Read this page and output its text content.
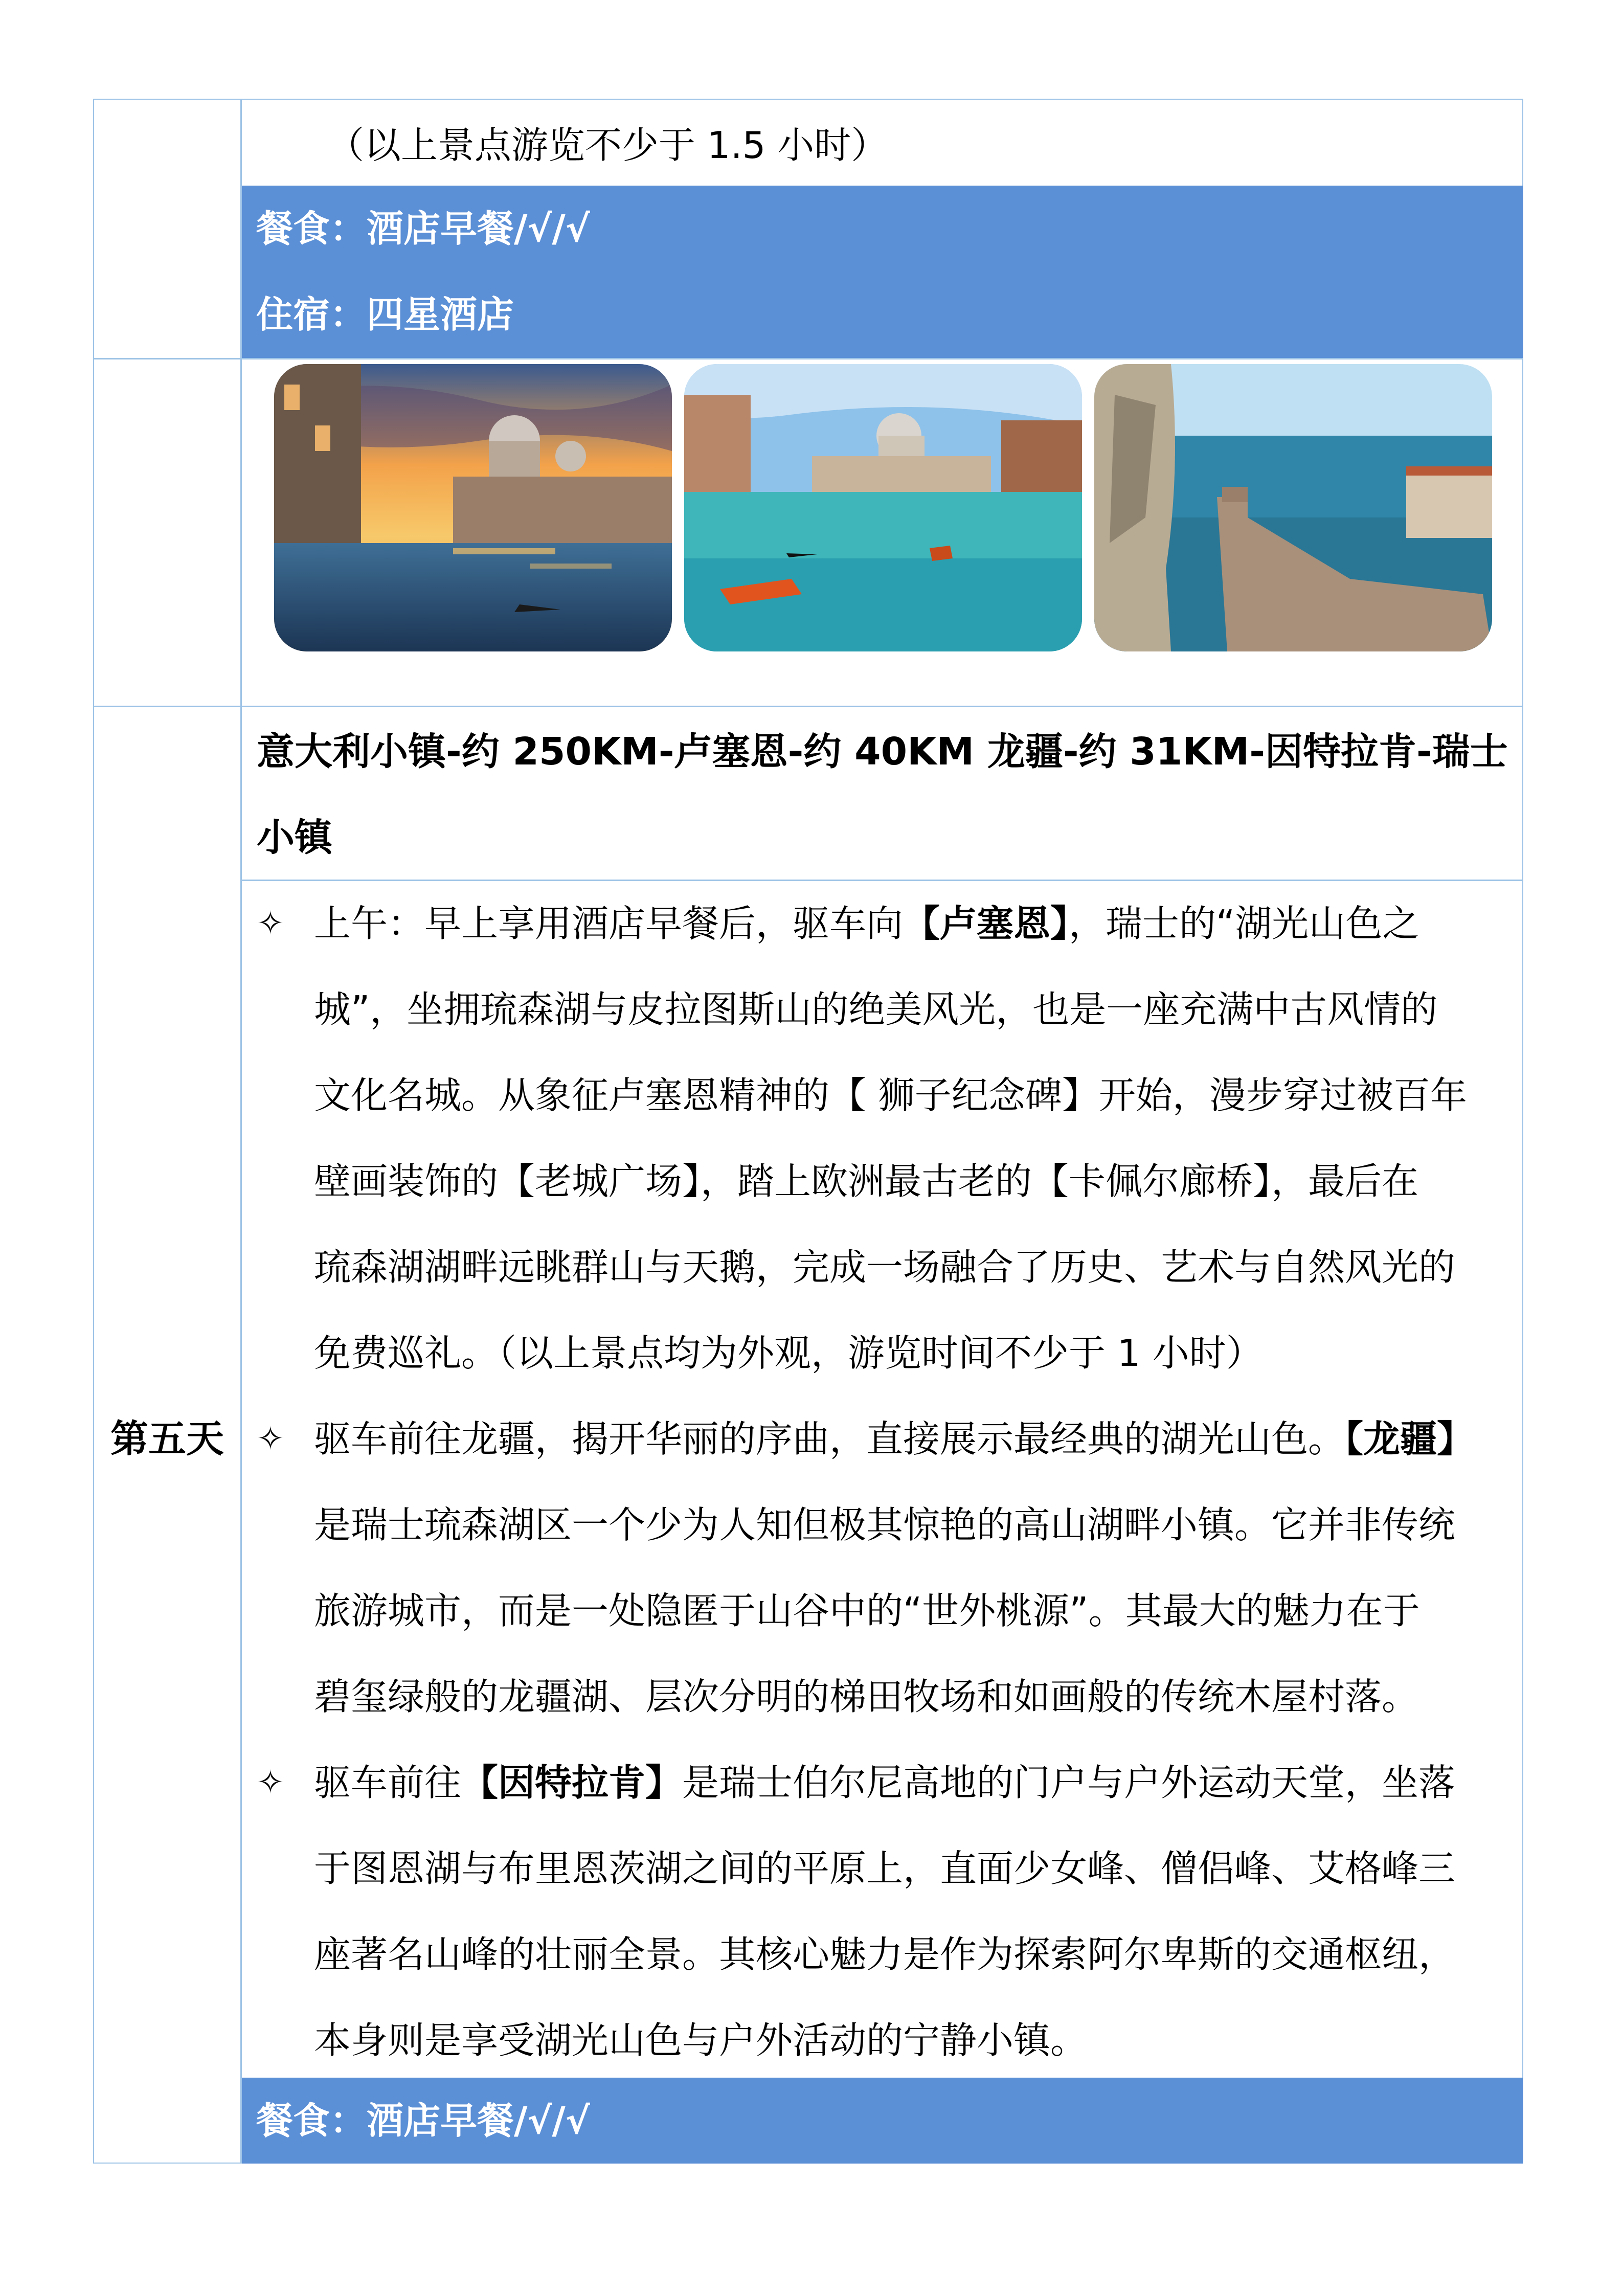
（以上景点游览不少于 1.5 小时）
餐食：酒店早餐/√/√
住宿：四星酒店
第五天
意大利小镇-约 250KM-卢塞恩-约 40KM 龙疆-约 31KM-因特拉肯-瑞士
小镇
✧ 上午：早上享用酒店早餐后，驱车向【卢塞恩】，瑞士的“湖光山色之
城”，坐拥琉森湖与皮拉图斯山的绝美风光，也是一座充满中古风情的
文化名城。从象征卢塞恩精神的【 狮子纪念碑】开始，漫步穿过被百年
壁画装饰的【老城广场】，踏上欧洲最古老的【卡佩尔廊桥】，最后在
琉森湖湖畔远眺群山与天鹅，完成一场融合了历史、艺术与自然风光的
免费巡礼。（以上景点均为外观，游览时间不少于 1 小时）
✧ 驱车前往龙疆，揭开华丽的序曲，直接展示最经典的湖光山色。【龙疆】
是瑞士琉森湖区一个少为人知但极其惊艳的高山湖畔小镇。它并非传统
旅游城市，而是一处隐匿于山谷中的“世外桃源”。其最大的魅力在于
碧玺绿般的龙疆湖、层次分明的梯田牧场和如画般的传统木屋村落。
✧ 驱车前往【因特拉肯】是瑞士伯尔尼高地的门户与户外运动天堂，坐落
于图恩湖与布里恩茨湖之间的平原上，直面少女峰、僧侣峰、艾格峰三
座著名山峰的壮丽全景。其核心魅力是作为探索阿尔卑斯的交通枢纽，
本身则是享受湖光山色与户外活动的宁静小镇。
餐食：酒店早餐/√/√
